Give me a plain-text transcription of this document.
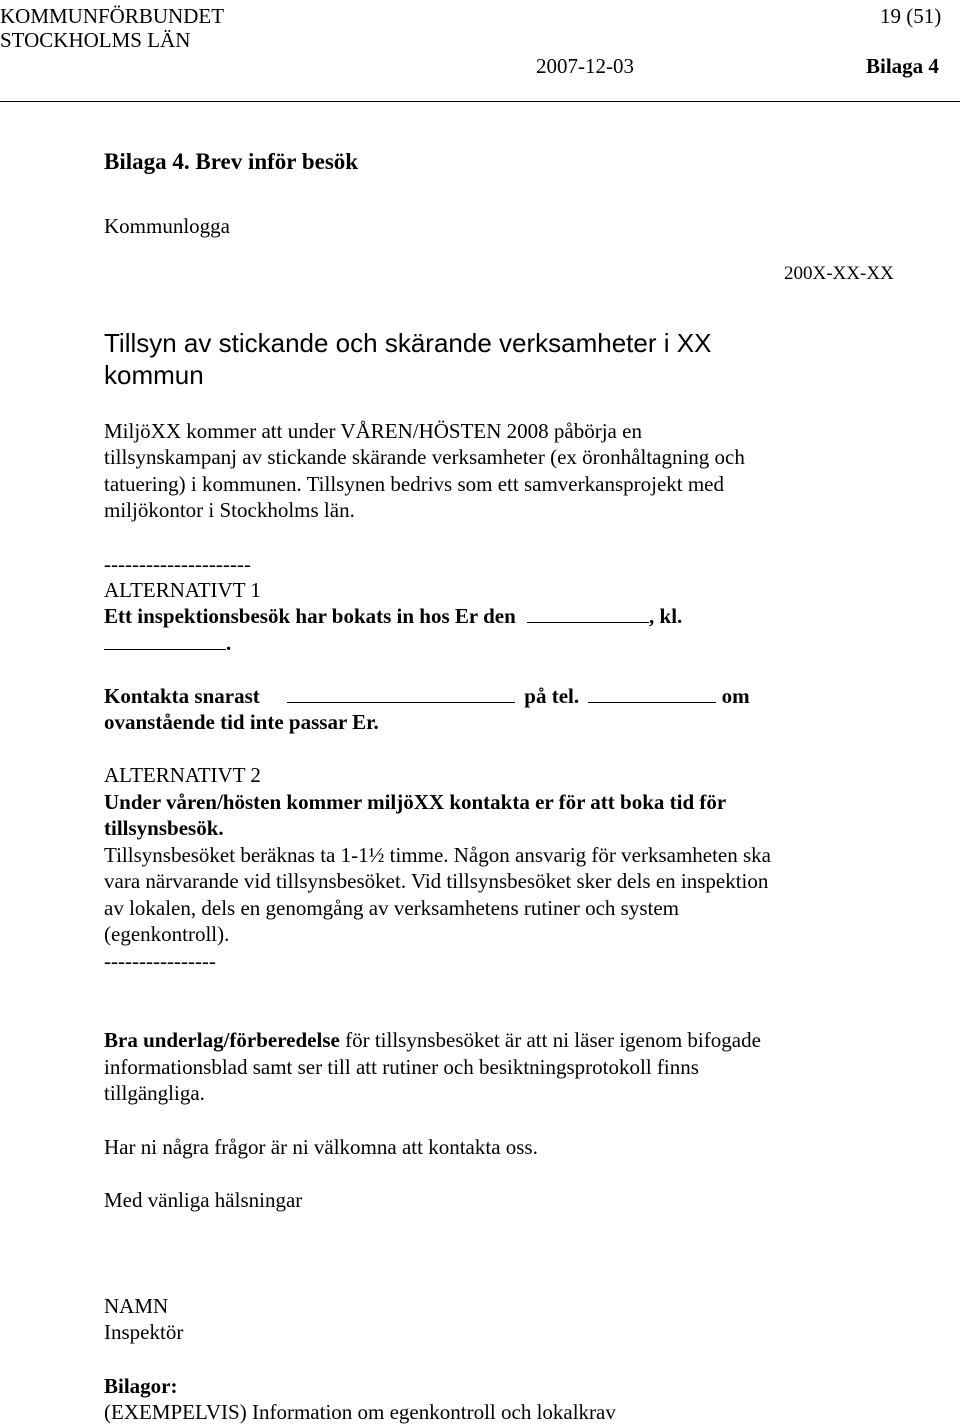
KOMMUNFÖRBUNDET
STOCKHOLMS LÄN
19 (51)
2007-12-03	Bilaga 4
Bilaga 4. Brev inför besök
Kommunlogga
200X-XX-XX
Tillsyn av stickande och skärande verksamheter i XX
kommun
MiljöXX kommer att under VÅREN/HÖSTEN 2008 påbörja en
tillsynskampanj av stickande skärande verksamheter (ex öronhåltagning och
tatuering) i kommunen. Tillsynen bedrivs som ett samverkansprojekt med
miljökontor i Stockholms län.
---------------------
ALTERNATIVT 1
Ett inspektionsbesök har bokats in hos Er den	, kl.
.
Kontakta snarast	på tel.	om
ovanstående tid inte passar Er.
ALTERNATIVT 2
Under våren/hösten kommer miljöXX kontakta er för att boka tid för
tillsynsbesök.
Tillsynsbesöket beräknas ta 1-1½ timme. Någon ansvarig för verksamheten ska
vara närvarande vid tillsynsbesöket. Vid tillsynsbesöket sker dels en inspektion
av lokalen, dels en genomgång av verksamhetens rutiner och system
(egenkontroll).
----------------
Bra underlag/förberedelse för tillsynsbesöket är att ni läser igenom bifogade
informationsblad samt ser till att rutiner och besiktningsprotokoll finns
tillgängliga.
Har ni några frågor är ni välkomna att kontakta oss.
Med vänliga hälsningar
NAMN
Inspektör
Bilagor:
(EXEMPELVIS) Information om egenkontroll och lokalkrav
